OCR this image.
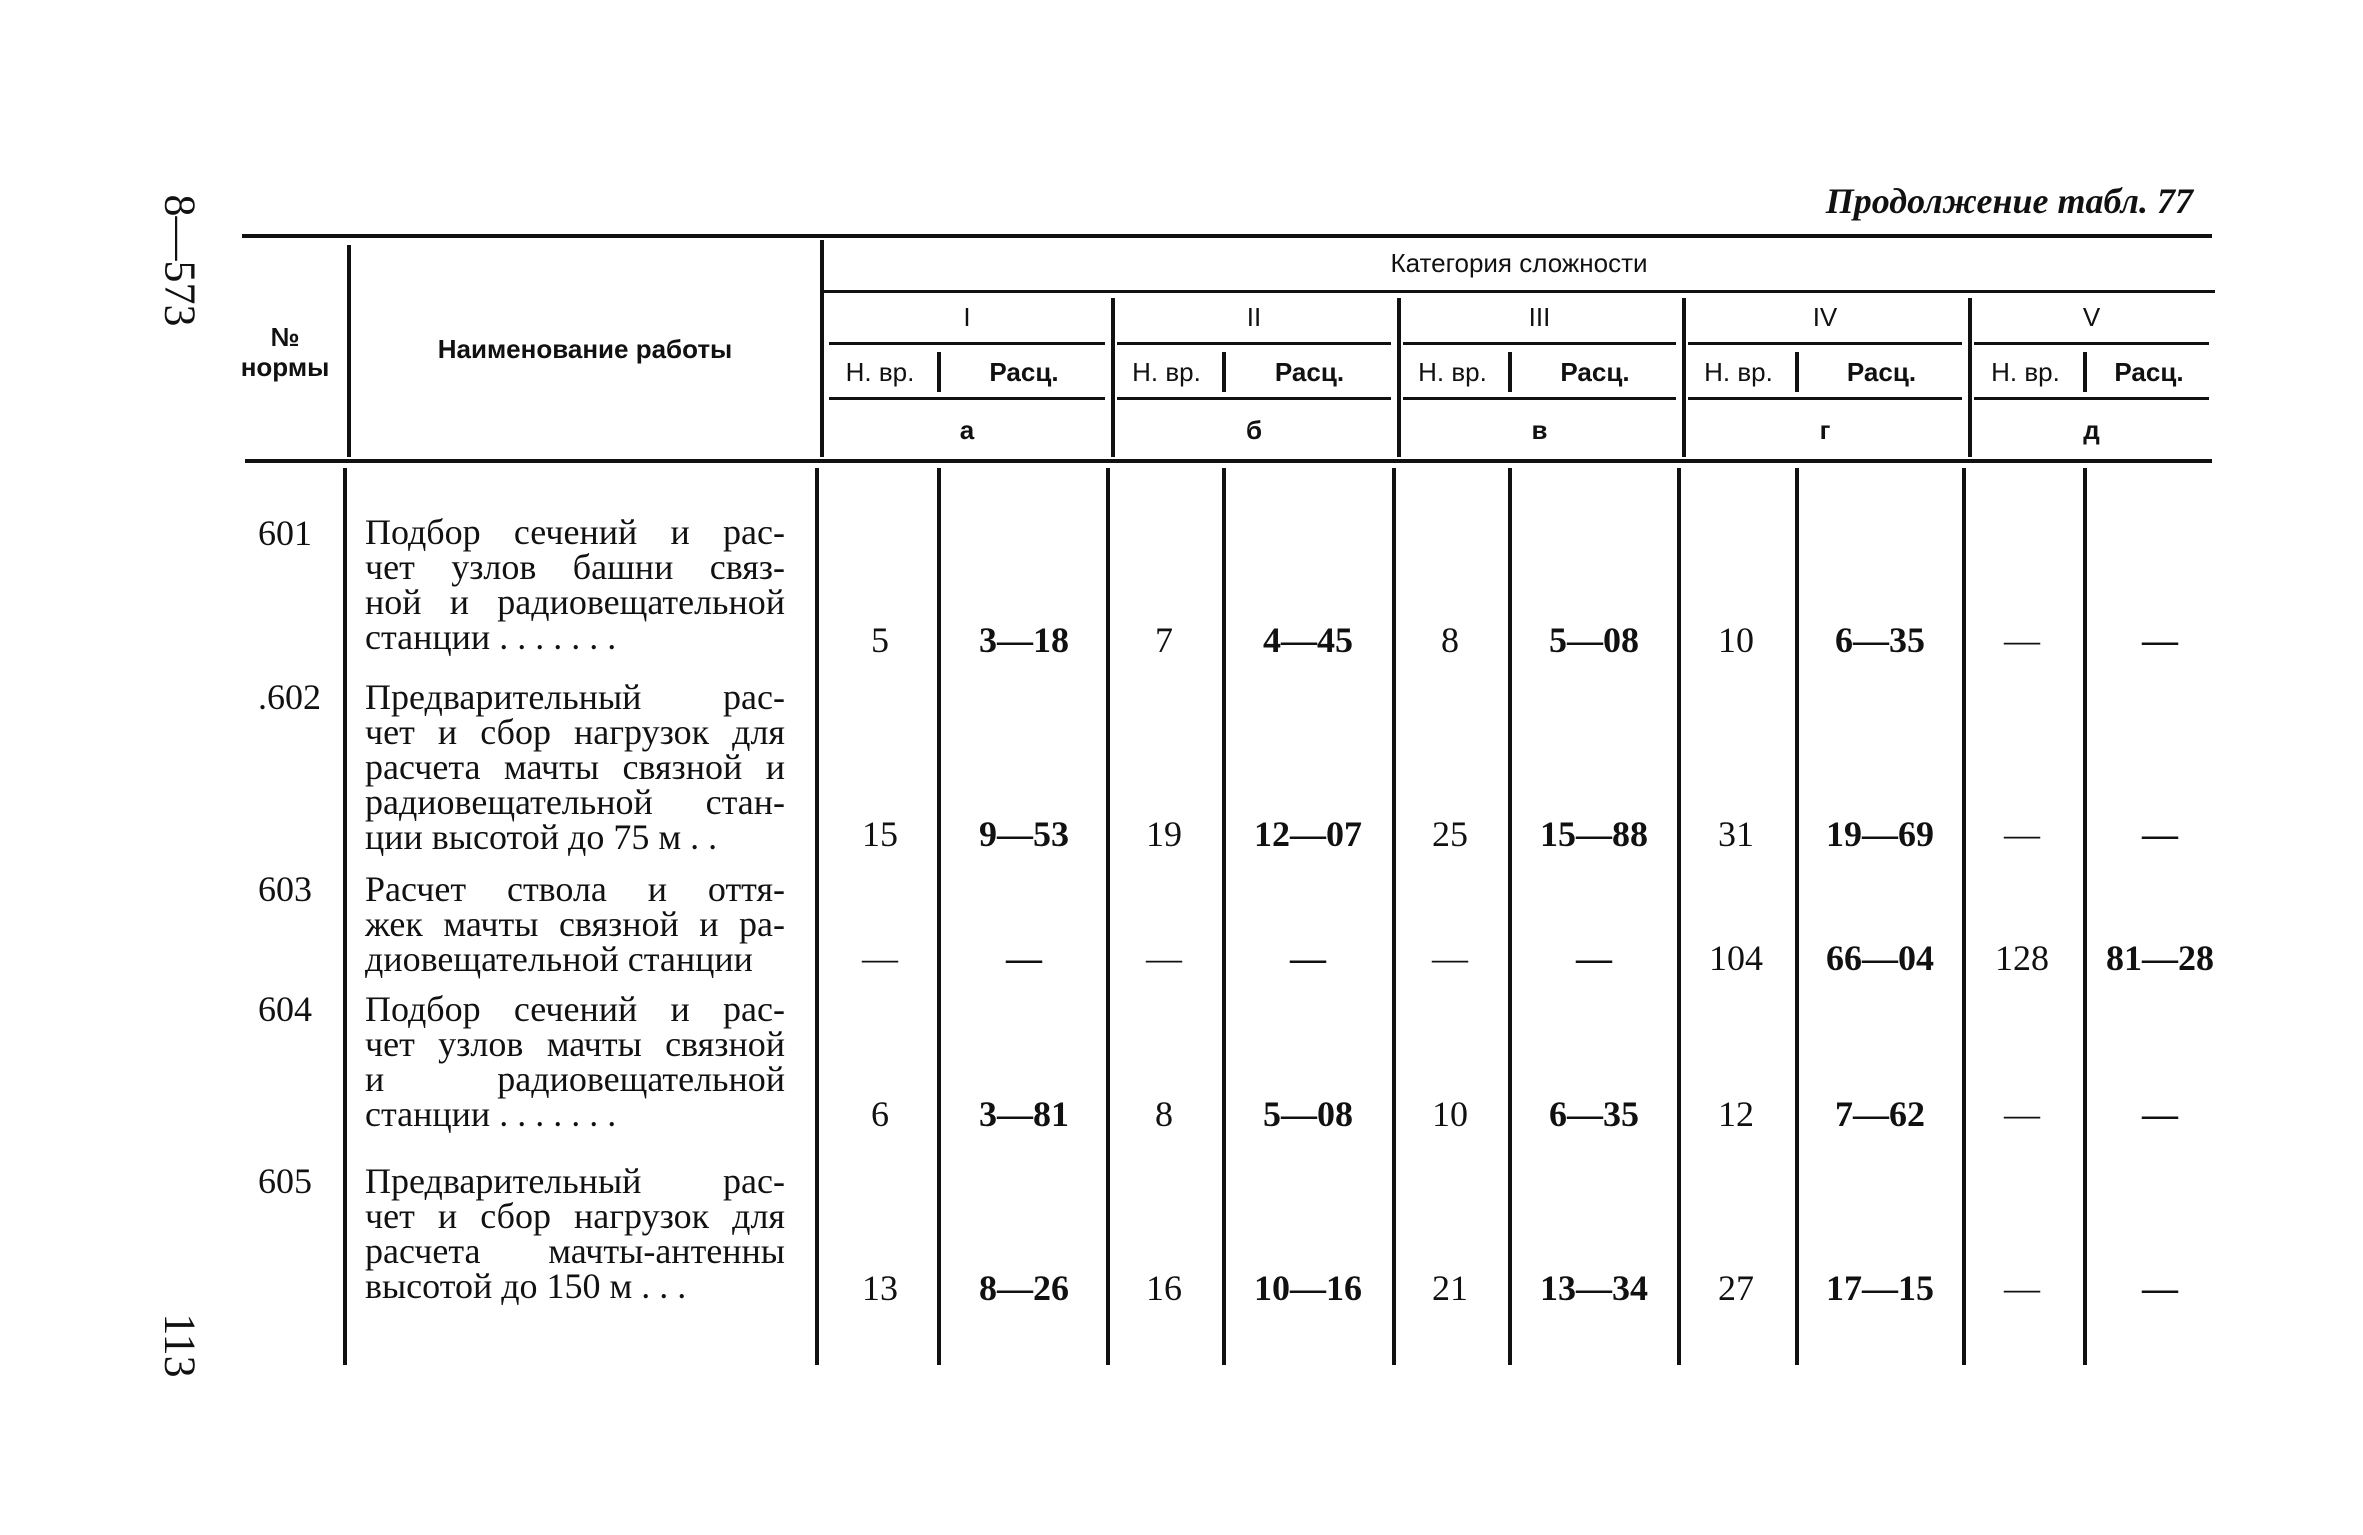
8—573
113
Продолжение табл. 77
№
нормы
Наименование работы
Категория сложности
I
Н. вр.	Расц.
а
II
Н. вр.	Расц.
б
III
Н. вр.	Расц.
в
IV
Н. вр.	Расц.
г
V
Н. вр.	Расц.
д
601 Подбор сечений и рас-
чет узлов башни связ-
ной и радиовещательной
станции . . . . . . .	5	3—18	7	4—45	8	5—08	10	6—35	—	—
.602 Предварительный рас-
чет и сбор нагрузок для
расчета мачты связной и
радиовещательной стан-
ции высотой до 75 м . .	15	9—53	19	12—07	25	15—88	31	19—69	—	—
603 Расчет ствола и оття-
жек мачты связной и ра-
диовещательной станции	—	—	—	—	—	—	104	66—04	128	81—28
604 Подбор сечений и рас-
чет узлов мачты связной
и радиовещательной
станции . . . . . . .	6	3—81	8	5—08	10	6—35	12	7—62	—	—
605 Предварительный рас-
чет и сбор нагрузок для
расчета мачты-антенны
высотой до 150 м . . .	13	8—26	16	10—16	21	13—34	27	17—15	—	—
